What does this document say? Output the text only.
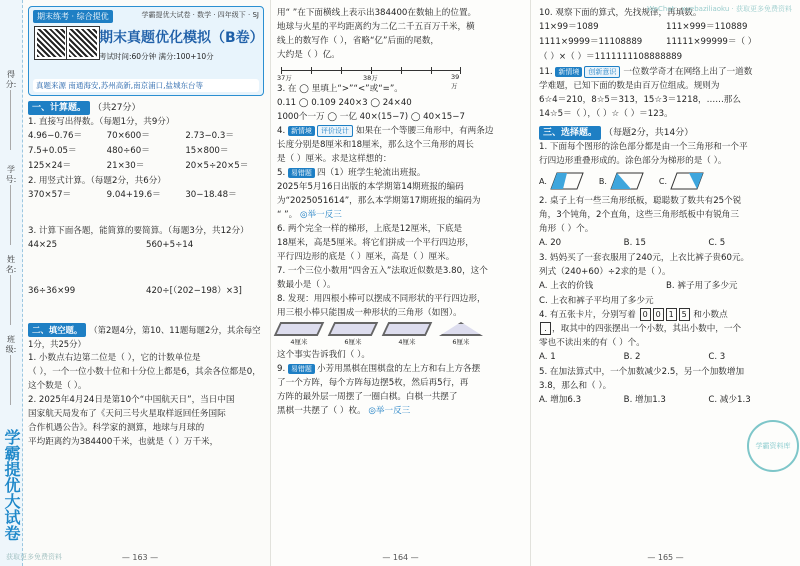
得分:
学号:
姓名:
班级:
学霸提优大试卷
期末练考 · 综合提优	学霸提优大试卷 · 数学 · 四年级下 · SJ
期末真题优化模拟（B卷）
考试时间:60分钟 满分:100+10分
真题来源 南通海安,苏州高新,南京浦口,盐城东台等
一、计算题。 （共27分）
1. 直接写出得数。（每题1分，共9分）
4.96−0.76＝	70×600＝	2.73−0.3＝
7.5+0.05＝	480÷60＝	15×800＝
125×24＝	21×30＝	20×5÷20×5＝
2. 用竖式计算。（每题2分，共6分）
370×57＝	9.04+19.6＝	30−18.48＝
3. 计算下面各题，能简算的要简算。（每题3分，共12分）
44×25	560+5÷14
36÷36×99	420÷[（202−198）×3]
二、填空题。 （第2题4分，第10、11题每题2分，其余每空1分，共25分）
1. 小数点右边第二位是（ ），它的计数单位是
（ ），一个一位小数十位和十分位上都是6，其余各位都是0，这个数是（ ）。
2. 2025年4月24日是第10个“中国航天日”，当日中国
国家航天局发布了《天问三号火星取样返回任务国际
合作机遇公告》。科学家的测算，地球与月球的
平均距离约为384400千米，也就是（ ）万千米，
— 163 —
用“ ”在下面横线上表示出384400在数轴上的位置。
地球与火星的平均距离约为二亿二千五百万千米，横
线上的数写作（ ），省略“亿”后面的尾数，
大约是（ ）亿。
37万	38万	39万
3. 在 ◯ 里填上“>”“<”或“=”。
0.11 ◯ 0.109 240×3 ◯ 24×40
1000个一万 ◯ 一亿 40×(15−7) ◯ 40×15−7
4. 新情境 评价设计 如果在一个等腰三角形中，有两条边
长度分别是8厘米和18厘米，那么这个三角形的周长
是（ ）厘米。求是这样想的：
5. 易错题 四（1）班学生轮流出班报。
2025年5月16日出版的本学期第14期班报的编码
为“2025051614”，那么本学期第17期班报的编码为
“ ”。 ◎举一反三
6. 两个完全一样的梯形，上底是12厘米，下底是
18厘米，高是5厘米。将它们拼成一个平行四边形，
平行四边形的底是（ ）厘米，高是（ ）厘米。
7. 一个三位小数用“四舍五入”法取近似数是3.80，这个
数最小是（ ）。
8. 发现：用四根小棒可以摆成不同形状的平行四边形，
用三根小棒只能围成一种形状的三角形（如图）。
4厘米	6厘米	4厘米	6厘米
这个事实告诉我们（ ）。
9. 易错题 小芳用黑棋在围棋盘的左上方和右上方各摆
了一个方阵，每个方阵每边摆5枚，然后再5行，再
方阵的最外层一周摆了一圈白棋。白棋一共摆了
黑棋一共摆了（ ）枚。 ◎举一反三
— 164 —
10. 观察下面的算式，先找规律，再填数。
11×99＝1089	111×999＝110889
1111×9999＝11108889	11111×99999＝（ ）
（ ）×（ ）＝1111111108888889
11. 新情境 创新意识 一位数学奇才在网络上出了一道数
学难题，已知下面的数是由百万位组成。规则为
6☆4＝210，8☆5＝313，15☆3＝1218，……那么
14☆5＝（ ），（ ）☆（ ）＝123。
三、选择题。 （每题2分，共14分）
1. 下面每个图形的涂色部分都是由一个三角形和一个平
行四边形重叠形成的。涂色部分为梯形的是（ ）。
A.	B.	C.
2. 桌子上有一些三角形纸板，聪聪数了数共有25个锐
角，3个钝角，2个直角，这些三角形纸板中有锐角三
角形（ ）个。
A. 20	B. 15	C. 5
3. 妈妈买了一套衣服用了240元，上衣比裤子贵60元。
列式（240+60）÷2求的是（ ）。
A. 上衣的价钱	B. 裤子用了多少元
C. 上衣和裤子平均用了多少元
4. 有五张卡片，分别写着 0 0 1 5 和小数点
. ，取其中的四张摆出一个小数，其出小数中，一个
零也不读出来的有（ ）个。
A. 1	B. 2	C. 3
5. 在加法算式中，一个加数减少2.5，另一个加数增加
3.8，那么和（ ）。
A. 增加6.3	B. 增加1.3	C. 减少1.3
学霸资料库
— 165 —
WeChat：xuebaziliaoku · 获取更多免费资料
获取更多免费资料
